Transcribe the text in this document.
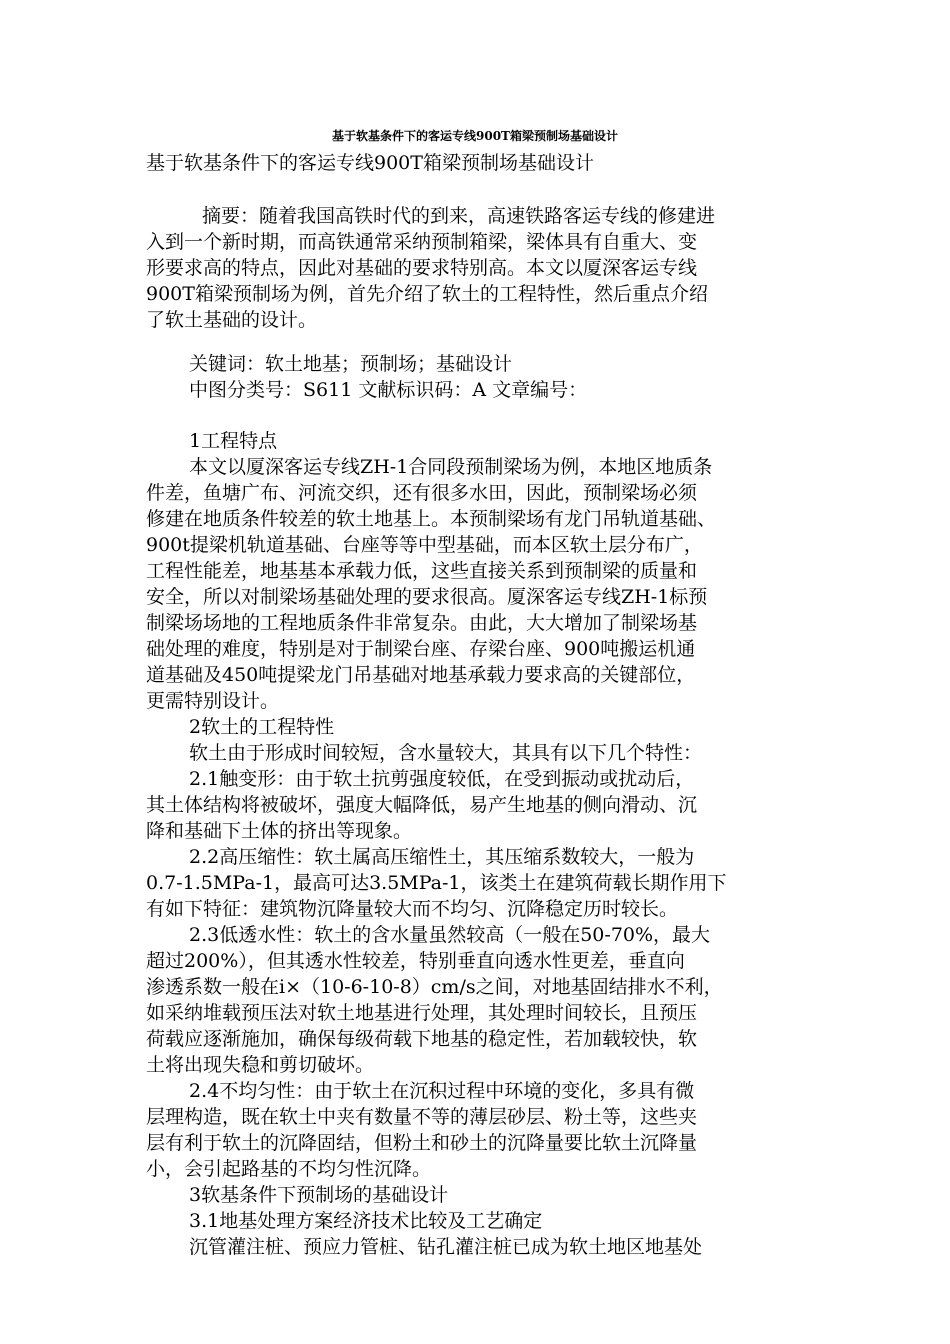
基于软基条件下的客运专线900T箱梁预制场基础设计
基于软基条件下的客运专线900T箱梁预制场基础设计
摘要：随着我国高铁时代的到来，高速铁路客运专线的修建进
入到一个新时期，而高铁通常采纳预制箱梁，梁体具有自重大、变
形要求高的特点，因此对基础的要求特别高。本文以厦深客运专线
900T箱梁预制场为例，首先介绍了软土的工程特性，然后重点介绍
了软土基础的设计。
关键词：软土地基；预制场；基础设计
中图分类号：S611 文献标识码：A 文章编号：
1工程特点
本文以厦深客运专线ZH-1合同段预制梁场为例，本地区地质条
件差，鱼塘广布、河流交织，还有很多水田，因此，预制梁场必须
修建在地质条件较差的软土地基上。本预制梁场有龙门吊轨道基础、
900t提梁机轨道基础、台座等等中型基础，而本区软土层分布广，
工程性能差，地基基本承载力低，这些直接关系到预制梁的质量和
安全，所以对制梁场基础处理的要求很高。厦深客运专线ZH-1标预
制梁场场地的工程地质条件非常复杂。由此，大大增加了制梁场基
础处理的难度，特别是对于制梁台座、存梁台座、900吨搬运机通
道基础及450吨提梁龙门吊基础对地基承载力要求高的关键部位，
更需特别设计。
2软土的工程特性
软土由于形成时间较短，含水量较大，其具有以下几个特性：
2.1触变形：由于软土抗剪强度较低，在受到振动或扰动后，
其土体结构将被破坏，强度大幅降低，易产生地基的侧向滑动、沉
降和基础下土体的挤出等现象。
2.2高压缩性：软土属高压缩性土，其压缩系数较大，一般为
0.7-1.5MPa-1，最高可达3.5MPa-1，该类土在建筑荷载长期作用下
有如下特征：建筑物沉降量较大而不均匀、沉降稳定历时较长。
2.3低透水性：软土的含水量虽然较高（一般在50-70%，最大
超过200%），但其透水性较差，特别垂直向透水性更差，垂直向
渗透系数一般在i×（10-6-10-8）cm/s之间，对地基固结排水不利，
如采纳堆载预压法对软土地基进行处理，其处理时间较长，且预压
荷载应逐渐施加，确保每级荷载下地基的稳定性，若加载较快，软
土将出现失稳和剪切破坏。
2.4不均匀性：由于软土在沉积过程中环境的变化，多具有微
层理构造，既在软土中夹有数量不等的薄层砂层、粉土等，这些夹
层有利于软土的沉降固结，但粉土和砂土的沉降量要比软土沉降量
小，会引起路基的不均匀性沉降。
3软基条件下预制场的基础设计
3.1地基处理方案经济技术比较及工艺确定
沉管灌注桩、预应力管桩、钻孔灌注桩已成为软土地区地基处
